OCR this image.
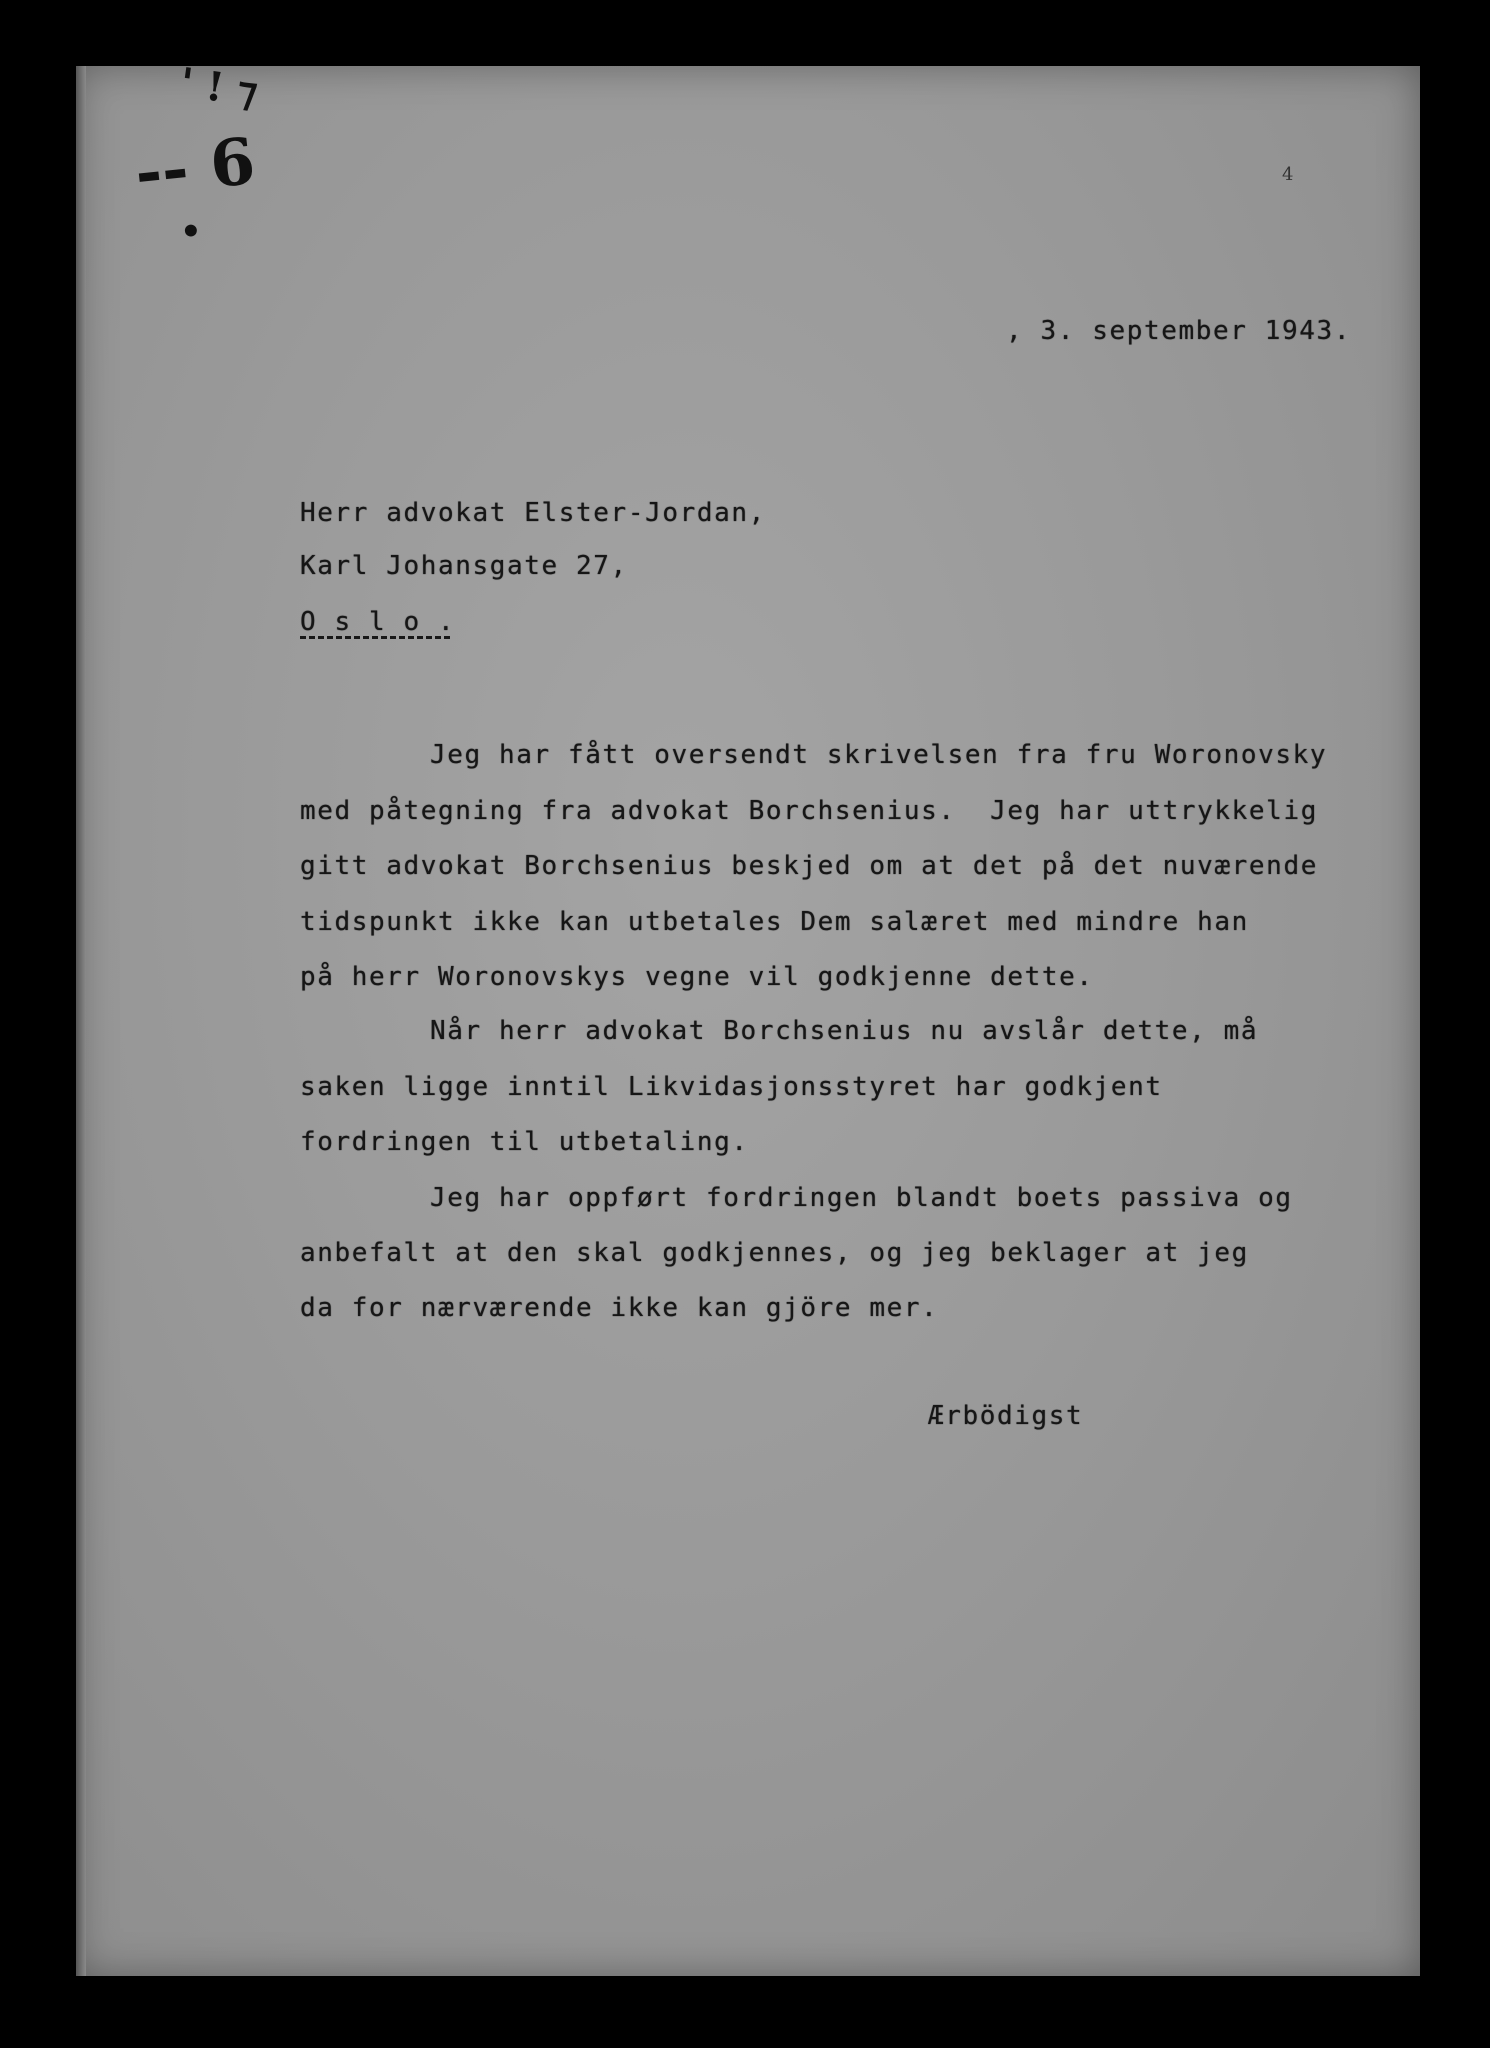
' ! ⁊
-- 6
•
4
, 3. september 1943.
Herr advokat Elster-Jordan,
Karl Johansgate 27,
O s l o .
Jeg har fått oversendt skrivelsen fra fru Woronovsky
med påtegning fra advokat Borchsenius.  Jeg har uttrykkelig
gitt advokat Borchsenius beskjed om at det på det nuværende
tidspunkt ikke kan utbetales Dem salæret med mindre han
på herr Woronovskys vegne vil godkjenne dette.
Når herr advokat Borchsenius nu avslår dette, må
saken ligge inntil Likvidasjonsstyret har godkjent
fordringen til utbetaling.
Jeg har oppført fordringen blandt boets passiva og
anbefalt at den skal godkjennes, og jeg beklager at jeg
da for nærværende ikke kan gjöre mer.
Ærbödigst
